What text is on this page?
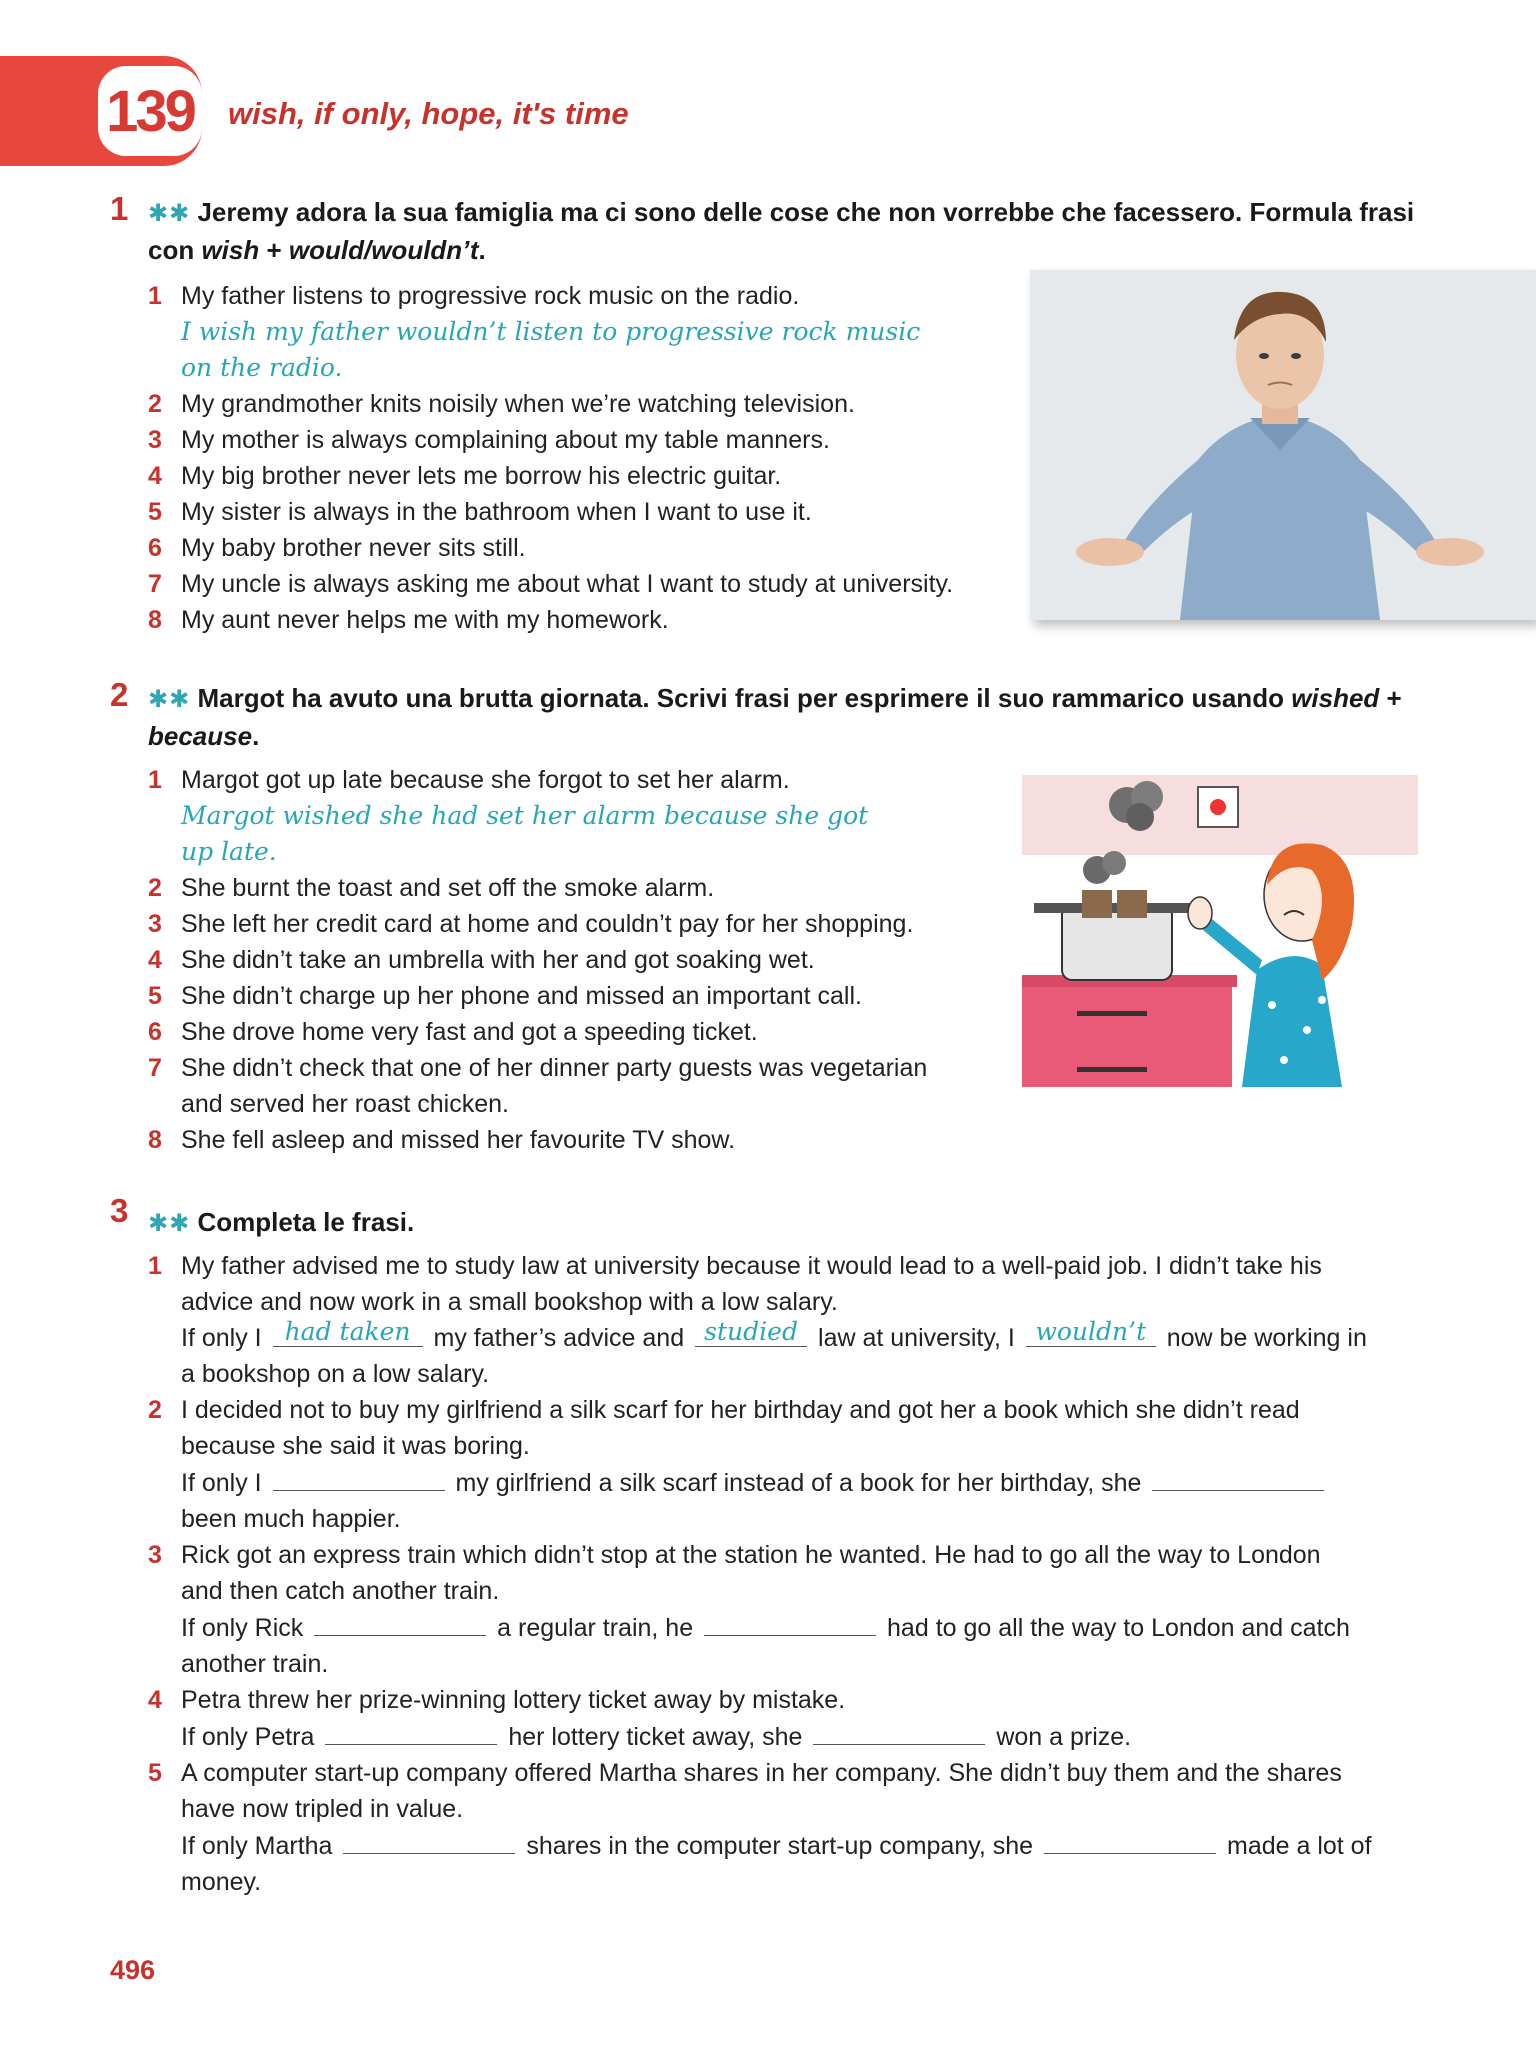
139 wish, if only, hope, it's time
1 ✱✱ Jeremy adora la sua famiglia ma ci sono delle cose che non vorrebbe che facessero. Formula frasi con wish + would/wouldn’t.
1 My father listens to progressive rock music on the radio.
I wish my father wouldn’t listen to progressive rock music
on the radio.
2 My grandmother knits noisily when we’re watching television.
3 My mother is always complaining about my table manners.
4 My big brother never lets me borrow his electric guitar.
5 My sister is always in the bathroom when I want to use it.
6 My baby brother never sits still.
7 My uncle is always asking me about what I want to study at university.
8 My aunt never helps me with my homework.
2 ✱✱ Margot ha avuto una brutta giornata. Scrivi frasi per esprimere il suo rammarico usando wished + because.
1 Margot got up late because she forgot to set her alarm.
Margot wished she had set her alarm because she got
up late.
2 She burnt the toast and set off the smoke alarm.
3 She left her credit card at home and couldn’t pay for her shopping.
4 She didn’t take an umbrella with her and got soaking wet.
5 She didn’t charge up her phone and missed an important call.
6 She drove home very fast and got a speeding ticket.
7 She didn’t check that one of her dinner party guests was vegetarian
and served her roast chicken.
8 She fell asleep and missed her favourite TV show.
3 ✱✱ Completa le frasi.
1 My father advised me to study law at university because it would lead to a well-paid job. I didn’t take his
advice and now work in a small bookshop with a low salary.
If only I had taken my father’s advice and studied law at university, I wouldn’t now be working in
a bookshop on a low salary.
2 I decided not to buy my girlfriend a silk scarf for her birthday and got her a book which she didn’t read
because she said it was boring.
If only I	my girlfriend a silk scarf instead of a book for her birthday, she
been much happier.
3 Rick got an express train which didn’t stop at the station he wanted. He had to go all the way to London
and then catch another train.
If only Rick	a regular train, he	had to go all the way to London and catch
another train.
4 Petra threw her prize-winning lottery ticket away by mistake.
If only Petra	her lottery ticket away, she	won a prize.
5 A computer start-up company offered Martha shares in her company. She didn’t buy them and the shares
have now tripled in value.
If only Martha	shares in the computer start-up company, she	made a lot of
money.
496
